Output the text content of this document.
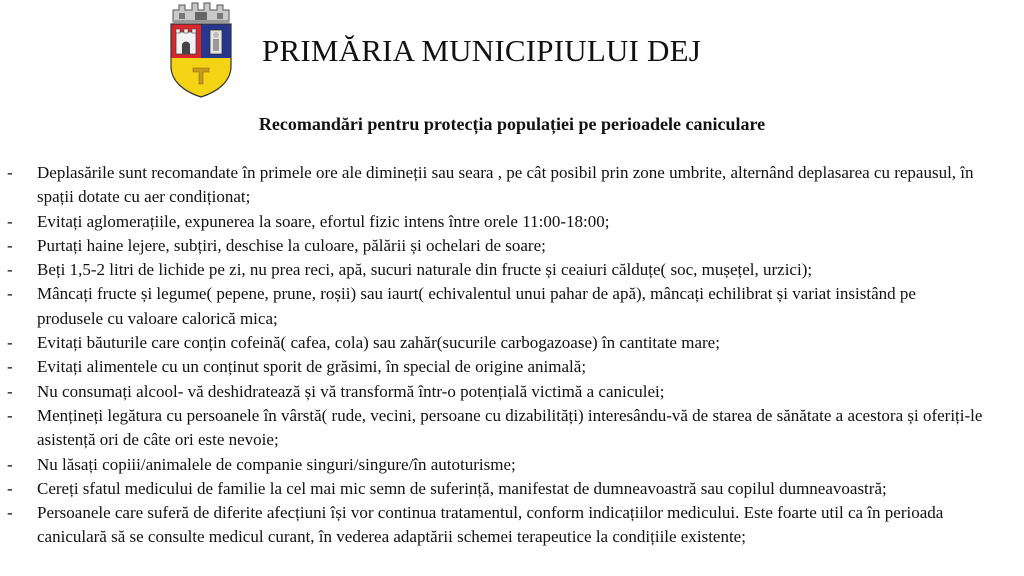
PRIMĂRIA MUNICIPIULUI DEJ
Recomandări pentru protecția populației pe perioadele caniculare
- Deplasările sunt recomandate în primele ore ale dimineții sau seara , pe cât posibil prin zone umbrite, alternând deplasarea cu repausul, în spații dotate cu aer condiționat;
- Evitați aglomerațiile, expunerea la soare, efortul fizic intens între orele 11:00-18:00;
- Purtați haine lejere, subțiri, deschise la culoare, pălării și ochelari de soare;
- Beți 1,5-2 litri de lichide pe zi, nu prea reci, apă, sucuri naturale din fructe și ceaiuri călduțe( soc, mușețel, urzici);
- Mâncați fructe și legume( pepene, prune, roșii) sau iaurt( echivalentul unui pahar de apă), mâncați echilibrat și variat insistând pe produsele cu valoare calorică mica;
- Evitați băuturile care conțin cofeină( cafea, cola) sau zahăr(sucurile carbogazoase) în cantitate mare;
- Evitați alimentele cu un conținut sporit de grăsimi, în special de origine animală;
- Nu consumați alcool- vă deshidratează și vă transformă într-o potențială victimă a caniculei;
- Mențineți legătura cu persoanele în vârstă( rude, vecini, persoane cu dizabilități) interesându-vă de starea de sănătate a acestora și oferiți-le asistență ori de câte ori este nevoie;
- Nu lăsați copiii/animalele de companie singuri/singure/în autoturisme;
- Cereți sfatul medicului de familie la cel mai mic semn de suferință, manifestat de dumneavoastră sau copilul dumneavoastră;
- Persoanele care suferă de diferite afecțiuni își vor continua tratamentul, conform indicațiilor medicului. Este foarte util ca în perioada caniculară să se consulte medicul curant, în vederea adaptării schemei terapeutice la condițiile existente;
